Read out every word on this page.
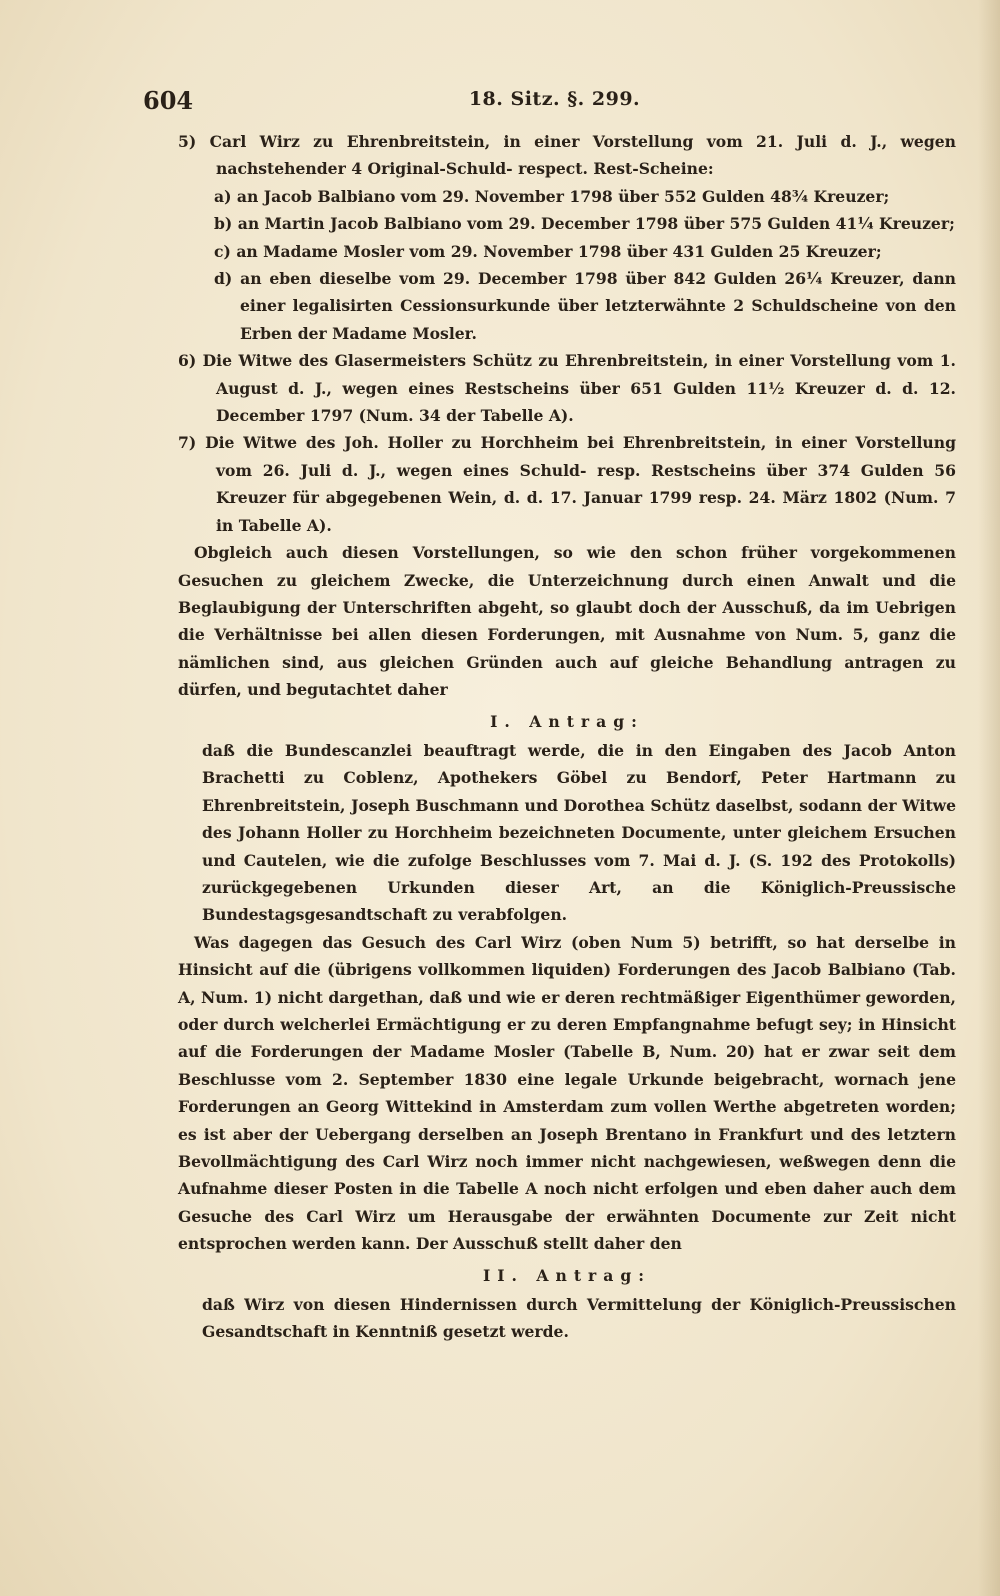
604	18. Sitz. §. 299.

5) Carl Wirz zu Ehrenbreitstein, in einer Vorstellung vom 21. Juli d. J., wegen nachstehender 4 Original-Schuld- respect. Rest-Scheine:

a) an Jacob Balbiano vom 29. November 1798 über 552 Gulden 48¾ Kreuzer;

b) an Martin Jacob Balbiano vom 29. December 1798 über 575 Gulden 41¼ Kreuzer;

c) an Madame Mosler vom 29. November 1798 über 431 Gulden 25 Kreuzer;

d) an eben dieselbe vom 29. December 1798 über 842 Gulden 26¼ Kreuzer, dann einer legalisirten Cessionsurkunde über letzterwähnte 2 Schuldscheine von den Erben der Madame Mosler.

6) Die Witwe des Glasermeisters Schütz zu Ehrenbreitstein, in einer Vorstellung vom 1. August d. J., wegen eines Restscheins über 651 Gulden 11½ Kreuzer d. d. 12. December 1797 (Num. 34 der Tabelle A).

7) Die Witwe des Joh. Holler zu Horchheim bei Ehrenbreitstein, in einer Vorstellung vom 26. Juli d. J., wegen eines Schuld- resp. Restscheins über 374 Gulden 56 Kreuzer für abgegebenen Wein, d. d. 17. Januar 1799 resp. 24. März 1802 (Num. 7 in Tabelle A).

Obgleich auch diesen Vorstellungen, so wie den schon früher vorgekommenen Gesuchen zu gleichem Zwecke, die Unterzeichnung durch einen Anwalt und die Beglaubigung der Unterschriften abgeht, so glaubt doch der Ausschuß, da im Uebrigen die Verhältnisse bei allen diesen Forderungen, mit Ausnahme von Num. 5, ganz die nämlichen sind, aus gleichen Gründen auch auf gleiche Behandlung antragen zu dürfen, und begutachtet daher

I. Antrag:

daß die Bundescanzlei beauftragt werde, die in den Eingaben des Jacob Anton Brachetti zu Coblenz, Apothekers Göbel zu Bendorf, Peter Hartmann zu Ehrenbreitstein, Joseph Buschmann und Dorothea Schütz daselbst, sodann der Witwe des Johann Holler zu Horchheim bezeichneten Documente, unter gleichem Ersuchen und Cautelen, wie die zufolge Beschlusses vom 7. Mai d. J. (S. 192 des Protokolls) zurückgegebenen Urkunden dieser Art, an die Königlich-Preussische Bundestagsgesandtschaft zu verabfolgen.

Was dagegen das Gesuch des Carl Wirz (oben Num 5) betrifft, so hat derselbe in Hinsicht auf die (übrigens vollkommen liquiden) Forderungen des Jacob Balbiano (Tab. A, Num. 1) nicht dargethan, daß und wie er deren rechtmäßiger Eigenthümer geworden, oder durch welcherlei Ermächtigung er zu deren Empfangnahme befugt sey; in Hinsicht auf die Forderungen der Madame Mosler (Tabelle B, Num. 20) hat er zwar seit dem Beschlusse vom 2. September 1830 eine legale Urkunde beigebracht, wornach jene Forderungen an Georg Wittekind in Amsterdam zum vollen Werthe abgetreten worden; es ist aber der Uebergang derselben an Joseph Brentano in Frankfurt und des letztern Bevollmächtigung des Carl Wirz noch immer nicht nachgewiesen, weßwegen denn die Aufnahme dieser Posten in die Tabelle A noch nicht erfolgen und eben daher auch dem Gesuche des Carl Wirz um Herausgabe der erwähnten Documente zur Zeit nicht entsprochen werden kann. Der Ausschuß stellt daher den

II. Antrag:

daß Wirz von diesen Hindernissen durch Vermittelung der Königlich-Preussischen Gesandtschaft in Kenntniß gesetzt werde.
